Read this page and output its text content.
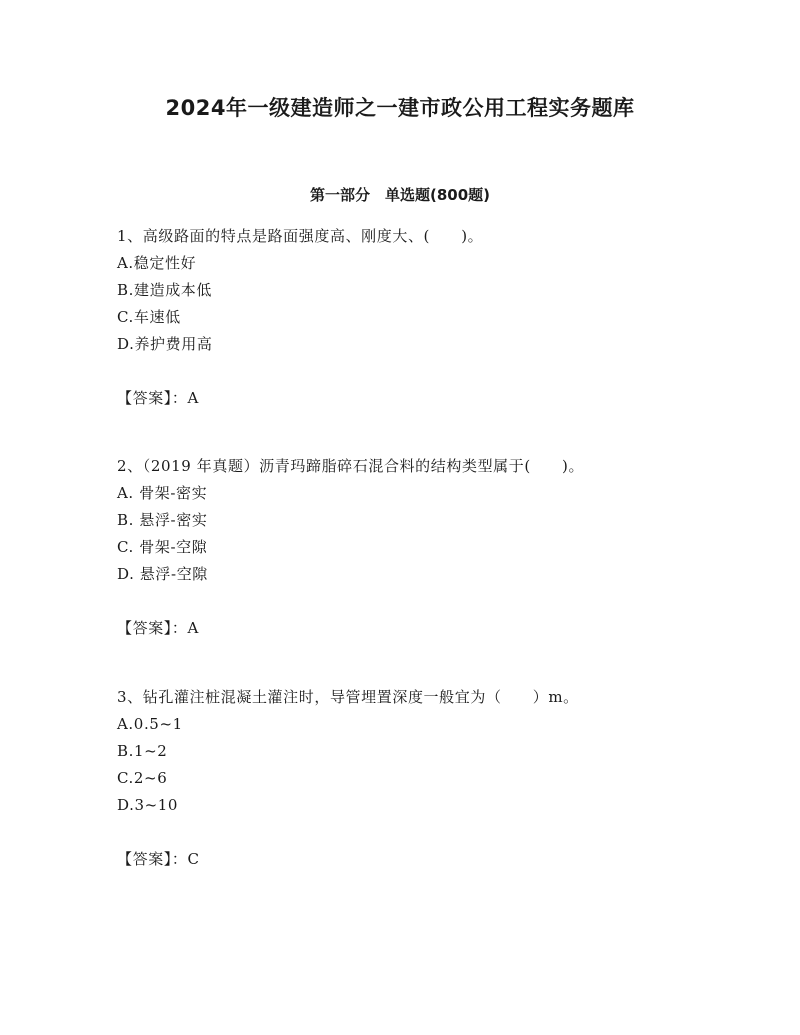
2024年一级建造师之一建市政公用工程实务题库
第一部分　单选题(800题)
1、高级路面的特点是路面强度高、刚度大、(　　)。
A.稳定性好
B.建造成本低
C.车速低
D.养护费用高
【答案】：A
2、（2019 年真题）沥青玛蹄脂碎石混合料的结构类型属于(　　)。
A. 骨架-密实
B. 悬浮-密实
C. 骨架-空隙
D. 悬浮-空隙
【答案】：A
3、钻孔灌注桩混凝土灌注时，导管埋置深度一般宜为（　　）m。
A.0.5~1
B.1~2
C.2~6
D.3~10
【答案】：C
